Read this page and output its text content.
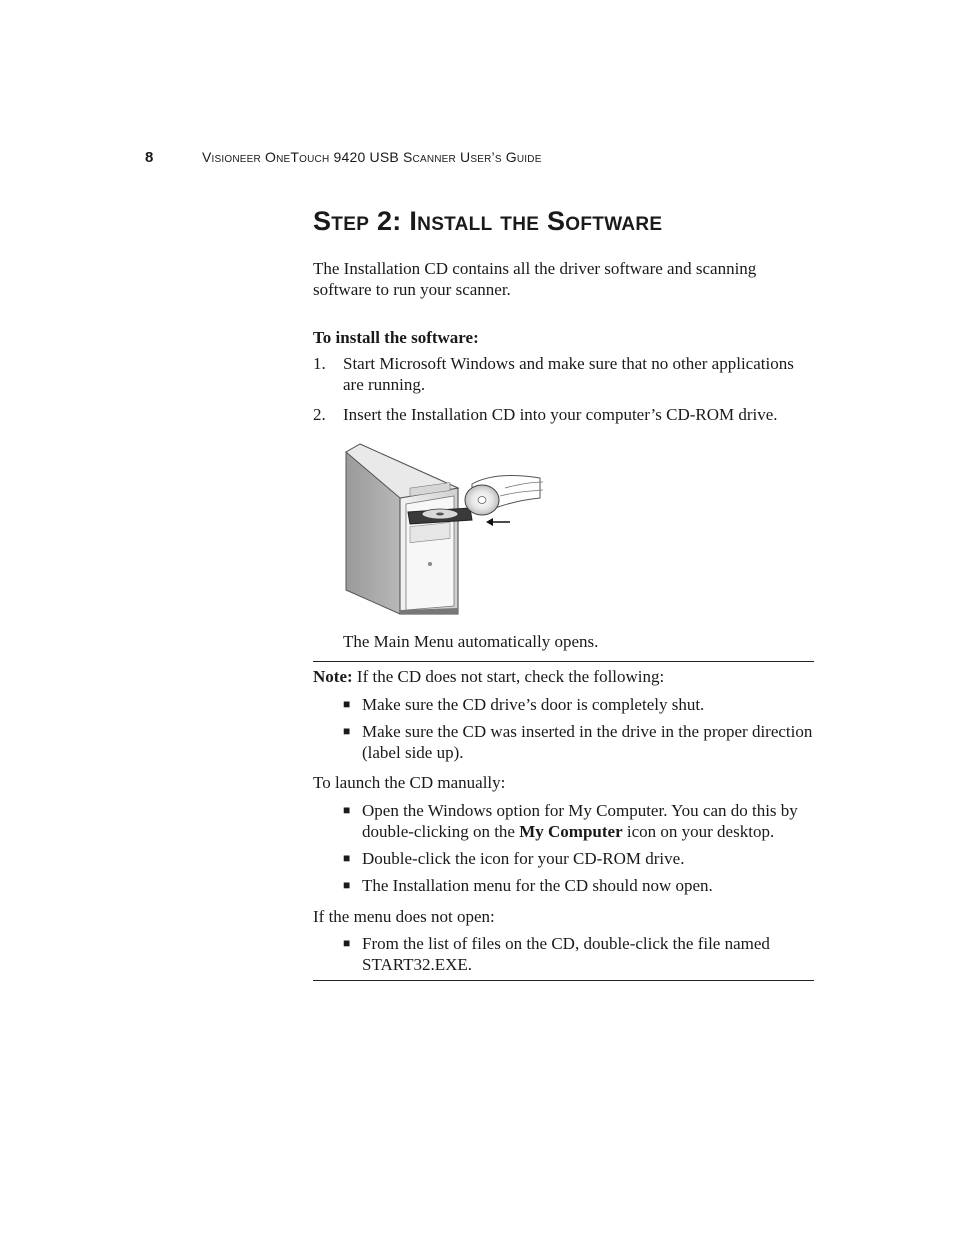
8	Visioneer OneTouch 9420 USB Scanner User’s Guide
Step 2: Install the Software
The Installation CD contains all the driver software and scanning software to run your scanner.
To install the software:
1.	Start Microsoft Windows and make sure that no other applications are running.
2.	Insert the Installation CD into your computer’s CD-ROM drive.
The Main Menu automatically opens.
Note: If the CD does not start, check the following:
■ Make sure the CD drive’s door is completely shut.
■ Make sure the CD was inserted in the drive in the proper direction (label side up).
To launch the CD manually:
■ Open the Windows option for My Computer. You can do this by double-clicking on the My Computer icon on your desktop.
■ Double-click the icon for your CD-ROM drive.
■ The Installation menu for the CD should now open.
If the menu does not open:
■ From the list of files on the CD, double-click the file named START32.EXE.
